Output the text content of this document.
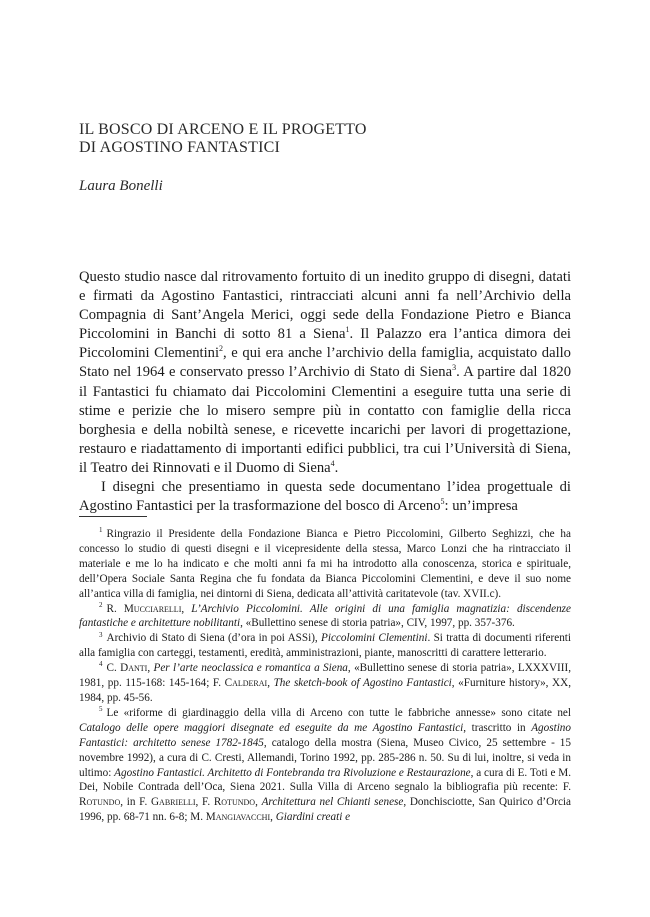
IL BOSCO DI ARCENO E IL PROGETTO
DI AGOSTINO FANTASTICI
Laura Bonelli

Questo studio nasce dal ritrovamento fortuito di un inedito gruppo di disegni, datati e firmati da Agostino Fantastici, rintracciati alcuni anni fa nell’Archivio della Compagnia di Sant’Angela Merici, oggi sede della Fondazione Pietro e Bianca Piccolomini in Banchi di sotto 81 a Siena$^1$. Il Palazzo era l’antica dimora dei Piccolomini Clementini$^2$, e qui era anche l’archivio della famiglia, acquistato dallo Stato nel 1964 e conservato presso l’Archivio di Stato di Siena$^3$. A partire dal 1820 il Fantastici fu chiamato dai Piccolomini Clementini a eseguire tutta una serie di stime e perizie che lo misero sempre più in contatto con famiglie della ricca borghesia e della nobiltà senese, e ricevette incarichi per lavori di progettazione, restauro e riadattamento di importanti edifici pubblici, tra cui l’Università di Siena, il Teatro dei Rinnovati e il Duomo di Siena$^4$.

I disegni che presentiamo in questa sede documentano l’idea progettuale di Agostino Fantastici per la trasformazione del bosco di Arceno$^5$: un’impresa

$^1$ Ringrazio il Presidente della Fondazione Bianca e Pietro Piccolomini, Gilberto Seghizzi, che ha concesso lo studio di questi disegni e il vicepresidente della stessa, Marco Lonzi che ha rintracciato il materiale e me lo ha indicato e che molti anni fa mi ha introdotto alla conoscenza, storica e spirituale, dell’Opera Sociale Santa Regina che fu fondata da Bianca Piccolomini Clementini, e deve il suo nome all’antica villa di famiglia, nei dintorni di Siena, dedicata all’attività caritatevole (tav. XVII.c).

$^2$ R. Mucciarelli, L’Archivio Piccolomini. Alle origini di una famiglia magnatizia: discendenze fantastiche e architetture nobilitanti, «Bullettino senese di storia patria», CIV, 1997, pp. 357-376.

$^3$ Archivio di Stato di Siena (d’ora in poi ASSi), Piccolomini Clementini. Si tratta di documenti riferenti alla famiglia con carteggi, testamenti, eredità, amministrazioni, piante, manoscritti di carattere letterario.

$^4$ C. Danti, Per l’arte neoclassica e romantica a Siena, «Bullettino senese di storia patria», LXXXVIII, 1981, pp. 115-168: 145-164; F. Calderai, The sketch-book of Agostino Fantastici, «Furniture history», XX, 1984, pp. 45-56.

$^5$ Le «riforme di giardinaggio della villa di Arceno con tutte le fabbriche annesse» sono citate nel Catalogo delle opere maggiori disegnate ed eseguite da me Agostino Fantastici, trascritto in Agostino Fantastici: architetto senese 1782-1845, catalogo della mostra (Siena, Museo Civico, 25 settembre - 15 novembre 1992), a cura di C. Cresti, Allemandi, Torino 1992, pp. 285-286 n. 50. Su di lui, inoltre, si veda in ultimo: Agostino Fantastici. Architetto di Fontebranda tra Rivoluzione e Restaurazione, a cura di E. Toti e M. Dei, Nobile Contrada dell’Oca, Siena 2021. Sulla Villa di Arceno segnalo la bibliografia più recente: F. Rotundo, in F. Gabrielli, F. Rotundo, Architettura nel Chianti senese, Donchisciotte, San Quirico d’Orcia 1996, pp. 68-71 nn. 6-8; M. Mangiavacchi, Giardini creati e
